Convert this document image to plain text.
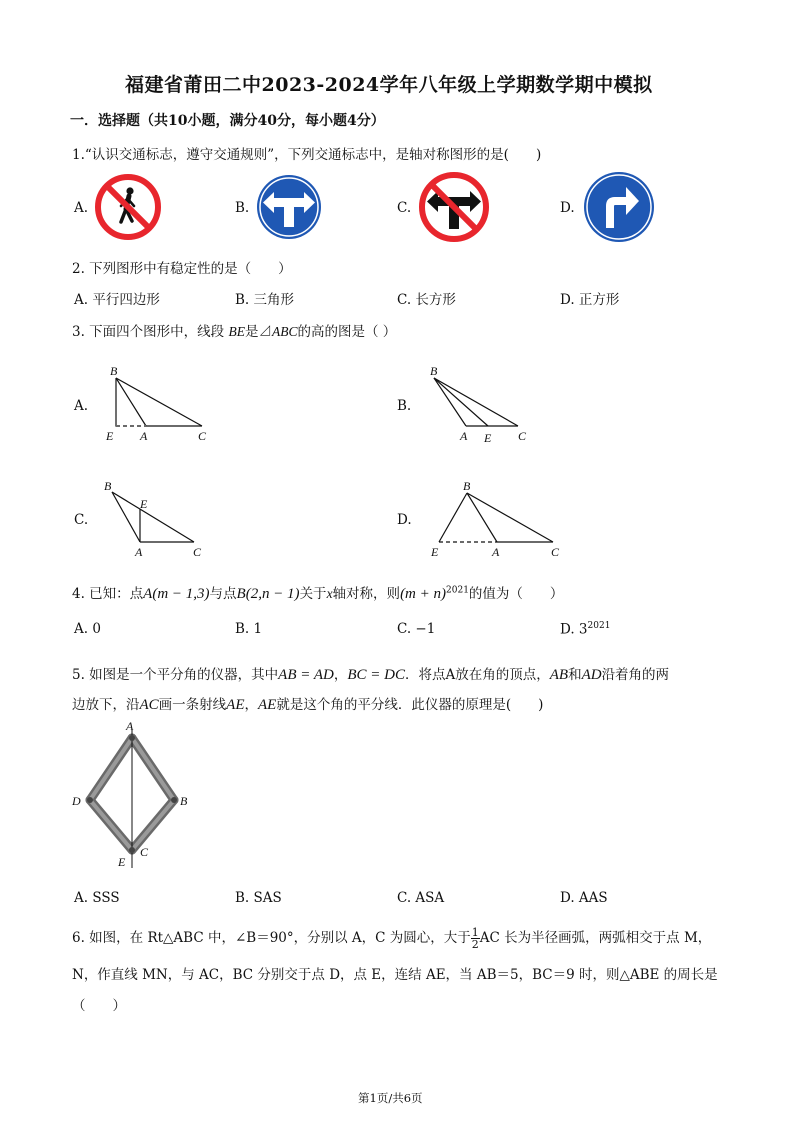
福建省莆田二中2023-2024学年八年级上学期数学期中模拟
一．选择题（共10小题，满分40分，每小题4分）
1.“认识交通标志，遵守交通规则”，下列交通标志中，是轴对称图形的是(　　)
A.	B.	C.	D.
2. 下列图形中有稳定性的是（　　）
A. 平行四边形	B. 三角形	C. 长方形	D. 正方形
3. 下面四个图形中，线段 BE是⊿ABC的高的图是（ ）
A.
B
E A	C
B.
B
A E C
C.
B
E
A	C
D.
B
E	A	C
4. 已知：点A(m − 1,3)与点B(2,n − 1)关于x轴对称，则$(m + n)^{2021}$的值为（　　）
A. 0	B. 1	C. −1	D. $3^{2021}$
5. 如图是一个平分角的仪器，其中AB = AD，BC = DC．将点A放在角的顶点，AB和AD沿着角的两
边放下，沿AC画一条射线AE，AE就是这个角的平分线．此仪器的原理是(　　)
A
D	B
C
E
A. SSS	B. SAS	C. ASA	D. AAS
6. 如图，在 Rt△ABC 中，∠B＝90°，分别以 A，C 为圆心，大于 $\frac{1}{2}$ AC 长为半径画弧，两弧相交于点 M，
N，作直线 MN，与 AC，BC 分别交于点 D，点 E，连结 AE，当 AB＝5，BC＝9 时，则△ABE 的周长是
（　　）
第1页/共6页
